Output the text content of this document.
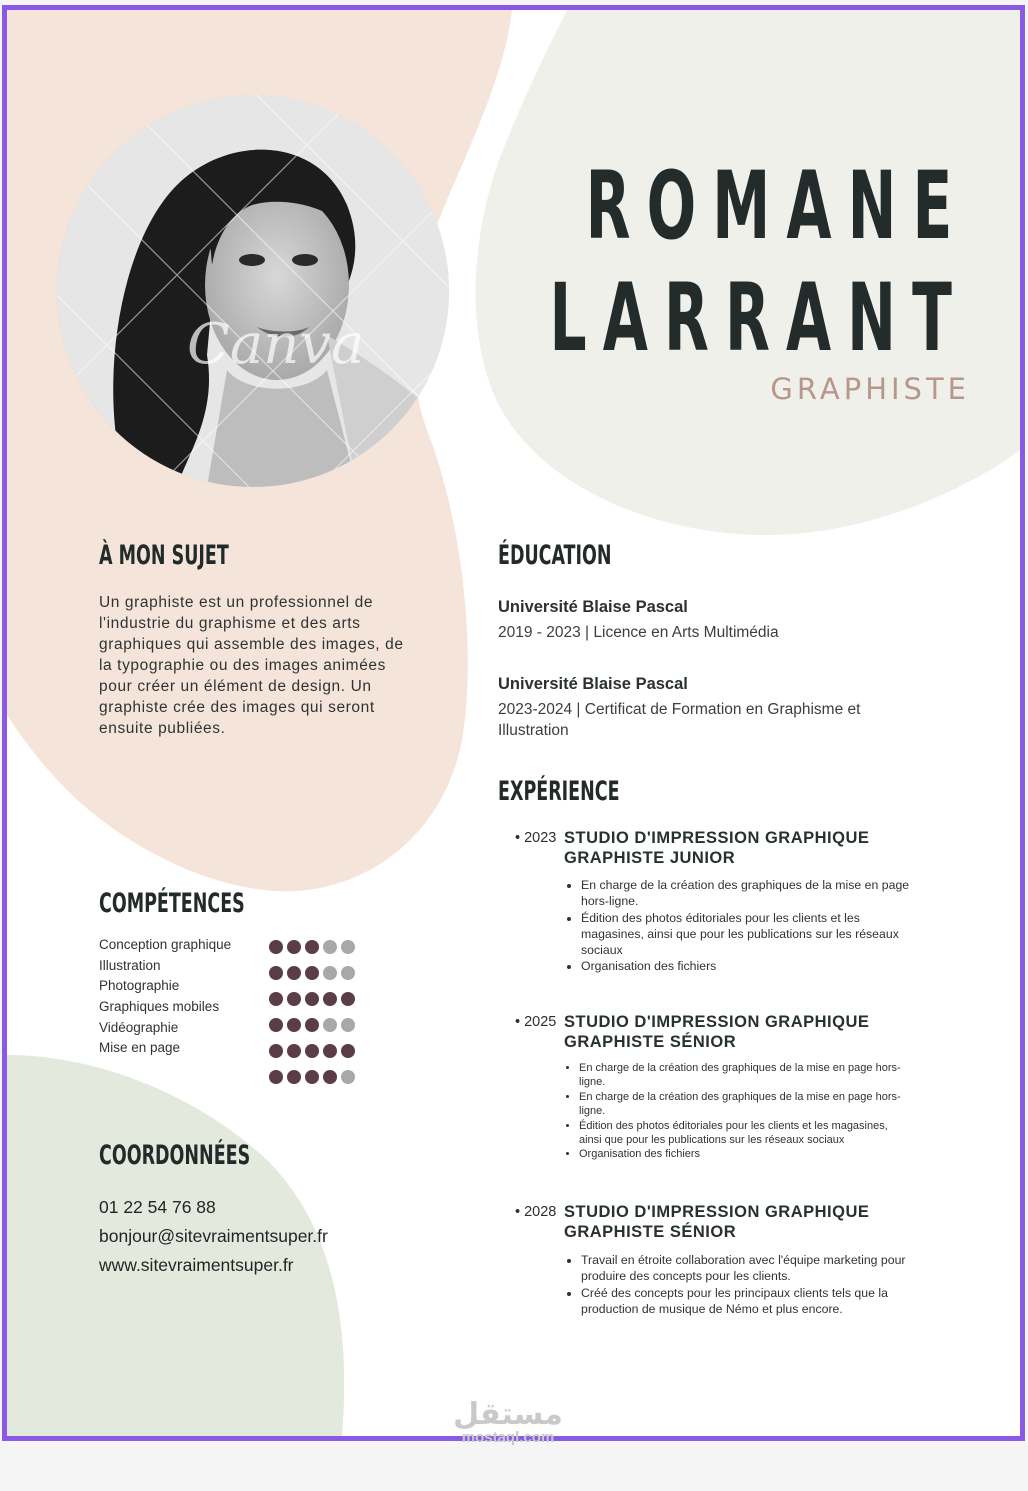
Canva
ROMANE
LARRANT
GRAPHISTE
À MON SUJET
Un graphiste est un professionnel de l'industrie du graphisme et des arts graphiques qui assemble des images, de la typographie ou des images animées pour créer un élément de design. Un graphiste crée des images qui seront ensuite publiées.
COMPÉTENCES
Conception graphique
Illustration
Photographie
Graphiques mobiles
Vidéographie
Mise en page
COORDONNÉES
01 22 54 76 88
bonjour@sitevraimentsuper.fr
www.sitevraimentsuper.fr
ÉDUCATION
Université Blaise Pascal
2019 - 2023 | Licence en Arts Multimédia
Université Blaise Pascal
2023-2024 | Certificat de Formation en Graphisme et Illustration
EXPÉRIENCE
• 2023 STUDIO D'IMPRESSION GRAPHIQUE
GRAPHISTE JUNIOR
• En charge de la création des graphiques de la mise en page hors-ligne.
• Édition des photos éditoriales pour les clients et les magasines, ainsi que pour les publications sur les réseaux sociaux
• Organisation des fichiers
• 2025 STUDIO D'IMPRESSION GRAPHIQUE
GRAPHISTE SÉNIOR
• En charge de la création des graphiques de la mise en page hors-ligne.
• En charge de la création des graphiques de la mise en page hors-ligne.
• Édition des photos éditoriales pour les clients et les magasines, ainsi que pour les publications sur les réseaux sociaux
• Organisation des fichiers
• 2028 STUDIO D'IMPRESSION GRAPHIQUE
GRAPHISTE SÉNIOR
• Travail en étroite collaboration avec l'équipe marketing pour produire des concepts pour les clients.
• Créé des concepts pour les principaux clients tels que la production de musique de Némo et plus encore.
مستقل
mostaql.com
